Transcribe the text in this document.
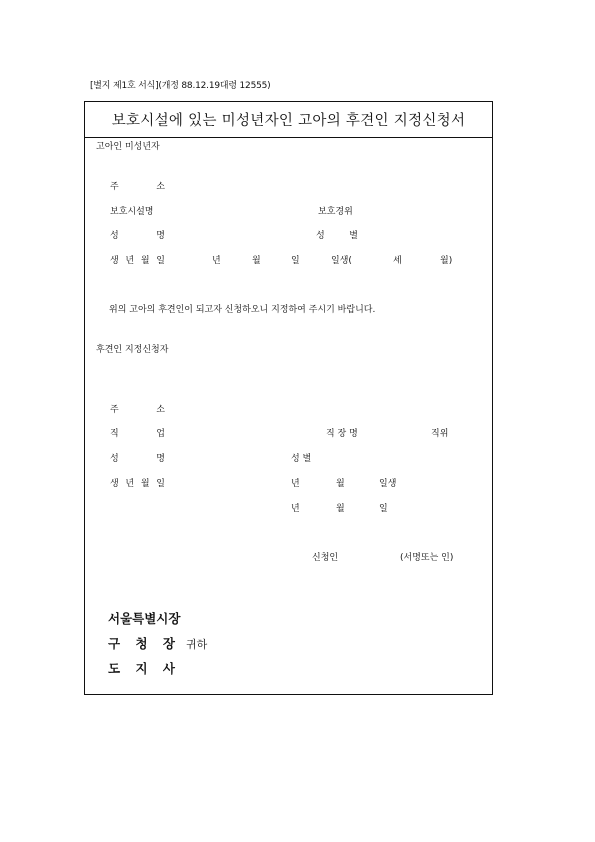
[별지 제1호 서식](개정 88.12.19대령 12555)
보호시설에 있는 미성년자인 고아의 후견인 지정신청서
고아인 미성년자
주	소
보호시설명	보호경위
성	명	성	별
생 년 월 일	년	월	일	일생(	세	월)
위의 고아의 후견인이 되고자 신청하오니 지정하여 주시기 바랍니다.
후견인 지정신청자
주	소
직	업	직 장 명	직위
성	명	성 별
생 년 월 일	년	월	일생
년	월	일
신청인	(서명또는 인)
서울특별시장
구 청 장 귀하
도 지 사
